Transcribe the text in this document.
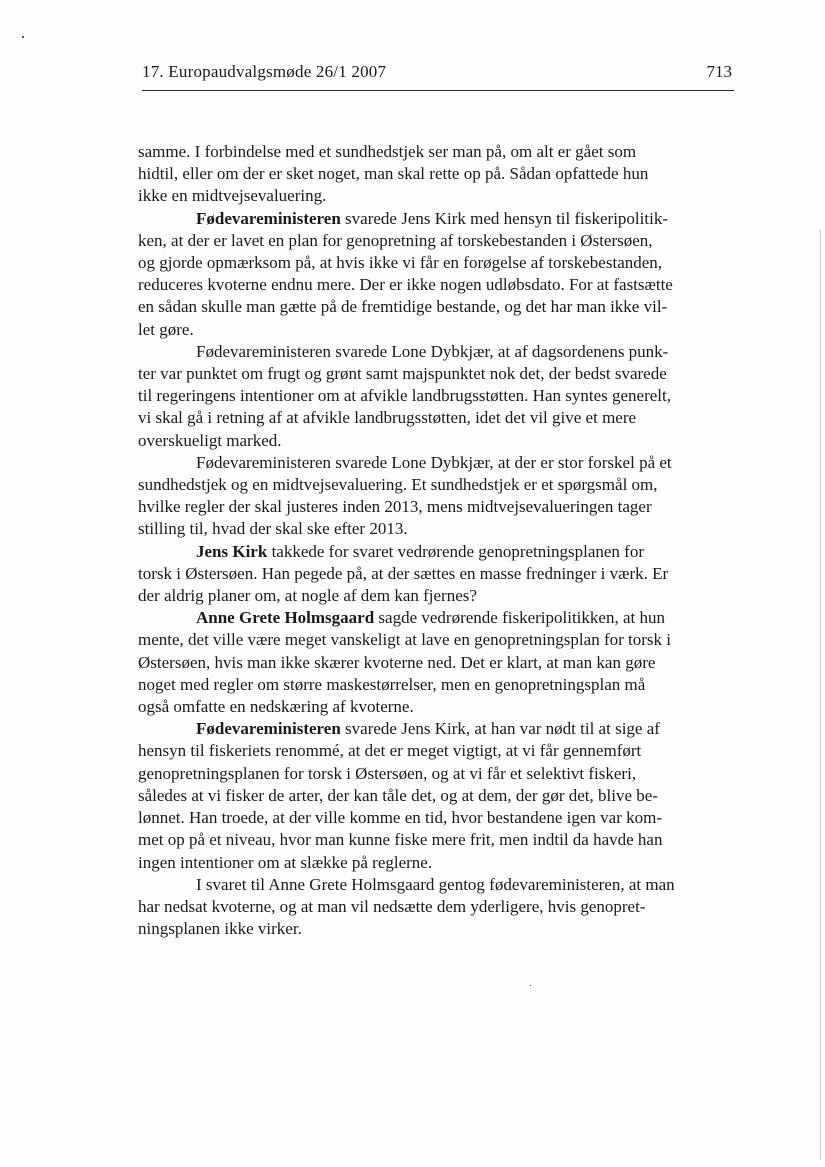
17. Europaudvalgsmøde 26/1 2007	713

samme. I forbindelse med et sundhedstjek ser man på, om alt er gået som
hidtil, eller om der er sket noget, man skal rette op på. Sådan opfattede hun
ikke en midtvejsevaluering.

Fødevareministeren svarede Jens Kirk med hensyn til fiskeripolitik-
ken, at der er lavet en plan for genopretning af torskebestanden i Østersøen,
og gjorde opmærksom på, at hvis ikke vi får en forøgelse af torskebestanden,
reduceres kvoterne endnu mere. Der er ikke nogen udløbsdato. For at fastsætte
en sådan skulle man gætte på de fremtidige bestande, og det har man ikke vil-
let gøre.

Fødevareministeren svarede Lone Dybkjær, at af dagsordenens punk-
ter var punktet om frugt og grønt samt majspunktet nok det, der bedst svarede
til regeringens intentioner om at afvikle landbrugsstøtten. Han syntes generelt,
vi skal gå i retning af at afvikle landbrugsstøtten, idet det vil give et mere
overskueligt marked.

Fødevareministeren svarede Lone Dybkjær, at der er stor forskel på et
sundhedstjek og en midtvejsevaluering. Et sundhedstjek er et spørgsmål om,
hvilke regler der skal justeres inden 2013, mens midtvejsevalueringen tager
stilling til, hvad der skal ske efter 2013.

Jens Kirk takkede for svaret vedrørende genopretningsplanen for
torsk i Østersøen. Han pegede på, at der sættes en masse fredninger i værk. Er
der aldrig planer om, at nogle af dem kan fjernes?

Anne Grete Holmsgaard sagde vedrørende fiskeripolitikken, at hun
mente, det ville være meget vanskeligt at lave en genopretningsplan for torsk i
Østersøen, hvis man ikke skærer kvoterne ned. Det er klart, at man kan gøre
noget med regler om større maskestørrelser, men en genopretningsplan må
også omfatte en nedskæring af kvoterne.

Fødevareministeren svarede Jens Kirk, at han var nødt til at sige af
hensyn til fiskeriets renommé, at det er meget vigtigt, at vi får gennemført
genopretningsplanen for torsk i Østersøen, og at vi får et selektivt fiskeri,
således at vi fisker de arter, der kan tåle det, og at dem, der gør det, blive be-
lønnet. Han troede, at der ville komme en tid, hvor bestandene igen var kom-
met op på et niveau, hvor man kunne fiske mere frit, men indtil da havde han
ingen intentioner om at slække på reglerne.

I svaret til Anne Grete Holmsgaard gentog fødevareministeren, at man
har nedsat kvoterne, og at man vil nedsætte dem yderligere, hvis genopret-
ningsplanen ikke virker.
